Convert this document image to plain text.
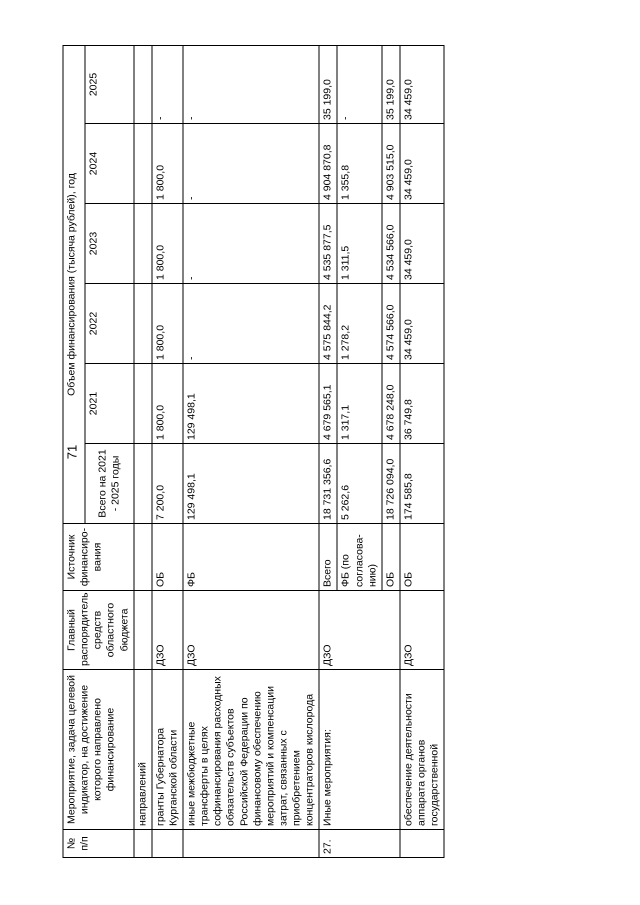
71
№ п/п	Мероприятие, задача целевой индикатор, на достижение которого направлено финансирование	Главный распорядитель средств областного бюджета	Источник финансиро-вания	Объем финансирования (тысяча рублей), год					
				Всего на 2021 - 2025 годы	2021	2022	2023	2024	2025
	направлений								
	гранты Губернатора Курганской области	ДЗО	ОБ	7 200,0	1 800,0	1 800,0	1 800,0	1 800,0	-
	иные межбюджетные трансферты в целях софинансирования расходных обязательств субъектов Российской Федерации по финансовому обеспечению мероприятий и компенсации затрат, связанных с приобретением концентраторов кислорода	ДЗО	ФБ	129 498,1	129 498,1	-	-	-	-
27.	Иные мероприятия:	ДЗО	Всего	18 731 356,6	4 679 565,1	4 575 844,2	4 535 877,5	4 904 870,8	35 199,0
			ФБ (по согласова-нию)	5 262,6	1 317,1	1 278,2	1 311,5	1 355,8	-
			ОБ	18 726 094,0	4 678 248,0	4 574 566,0	4 534 566,0	4 903 515,0	35 199,0
	обеспечение деятельности аппарата органов государственной	ДЗО	ОБ	174 585,8	36 749,8	34 459,0	34 459,0	34 459,0	34 459,0
